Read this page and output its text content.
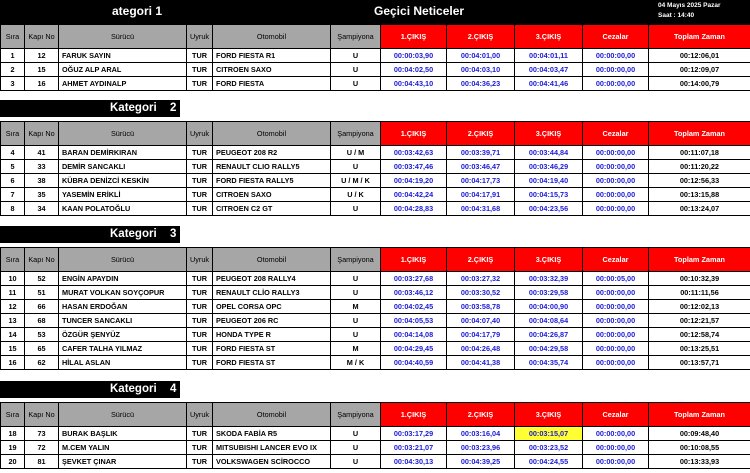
ategori 1	Geçici Neticeler	04 Mayıs 2025 Pazar
Saat : 14:40
Sıra	Kapı No	Sürücü	Uyruk	Otomobil	Şampiyona	1.ÇIKIŞ	2.ÇIKIŞ	3.ÇIKIŞ	Cezalar	Toplam Zaman
1	12	FARUK SAYIN	TUR	FORD FIESTA R1	U	00:00:03,90	00:04:01,00	00:04:01,11	00:00:00,00	00:12:06,01
2	15	OĞUZ ALP ARAL	TUR	CITROEN SAXO	U	00:04:02,50	00:04:03,10	00:04:03,47	00:00:00,00	00:12:09,07
3	16	AHMET AYDINALP	TUR	FORD FIESTA	U	00:04:43,10	00:04:36,23	00:04:41,46	00:00:00,00	00:14:00,79
Kategori 2
Sıra	Kapı No	Sürücü	Uyruk	Otomobil	Şampiyona	1.ÇIKIŞ	2.ÇIKIŞ	3.ÇIKIŞ	Cezalar	Toplam Zaman
4	41	BARAN DEMİRKIRAN	TUR	PEUGEOT 208 R2	U / M	00:03:42,63	00:03:39,71	00:03:44,84	00:00:00,00	00:11:07,18
5	33	DEMİR SANCAKLI	TUR	RENAULT CLIO RALLY5	U	00:03:47,46	00:03:46,47	00:03:46,29	00:00:00,00	00:11:20,22
6	38	KÜBRA DENİZCİ KESKİN	TUR	FORD FIESTA RALLY5	U / M / K	00:04:19,20	00:04:17,73	00:04:19,40	00:00:00,00	00:12:56,33
7	35	YASEMİN ERİKLİ	TUR	CITROEN SAXO	U / K	00:04:42,24	00:04:17,91	00:04:15,73	00:00:00,00	00:13:15,88
8	34	KAAN POLATOĞLU	TUR	CITROEN C2 GT	U	00:04:28,83	00:04:31,68	00:04:23,56	00:00:00,00	00:13:24,07
Kategori 3
Sıra	Kapı No	Sürücü	Uyruk	Otomobil	Şampiyona	1.ÇIKIŞ	2.ÇIKIŞ	3.ÇIKIŞ	Cezalar	Toplam Zaman
10	52	ENGİN APAYDIN	TUR	PEUGEOT 208 RALLY4	U	00:03:27,68	00:03:27,32	00:03:32,39	00:00:05,00	00:10:32,39
11	51	MURAT VOLKAN SOYÇOPUR	TUR	RENAULT CLİO RALLY3	U	00:03:46,12	00:03:30,52	00:03:29,58	00:00:00,00	00:11:11,56
12	66	HASAN ERDOĞAN	TUR	OPEL CORSA OPC	M	00:04:02,45	00:03:58,78	00:04:00,90	00:00:00,00	00:12:02,13
13	68	TUNCER SANCAKLI	TUR	PEUGEOT 206 RC	U	00:04:05,53	00:04:07,40	00:04:08,64	00:00:00,00	00:12:21,57
14	53	ÖZGÜR ŞENYÜZ	TUR	HONDA TYPE R	U	00:04:14,08	00:04:17,79	00:04:26,87	00:00:00,00	00:12:58,74
15	65	CAFER TALHA YILMAZ	TUR	FORD FIESTA ST	M	00:04:29,45	00:04:26,48	00:04:29,58	00:00:00,00	00:13:25,51
16	62	HİLAL ASLAN	TUR	FORD FIESTA ST	M / K	00:04:40,59	00:04:41,38	00:04:35,74	00:00:00,00	00:13:57,71
Kategori 4
Sıra	Kapı No	Sürücü	Uyruk	Otomobil	Şampiyona	1.ÇIKIŞ	2.ÇIKIŞ	3.ÇIKIŞ	Cezalar	Toplam Zaman
18	73	BURAK BAŞLIK	TUR	SKODA FABİA R5	U	00:03:17,29	00:03:16,04	00:03:15,07	00:00:00,00	00:09:48,40
19	72	M.CEM YALIN	TUR	MITSUBISHI LANCER EVO IX	U	00:03:21,07	00:03:23,96	00:03:23,52	00:00:00,00	00:10:08,55
20	81	ŞEVKET ÇINAR	TUR	VOLKSWAGEN SCİROCCO	U	00:04:30,13	00:04:39,25	00:04:24,55	00:00:00,00	00:13:33,93
